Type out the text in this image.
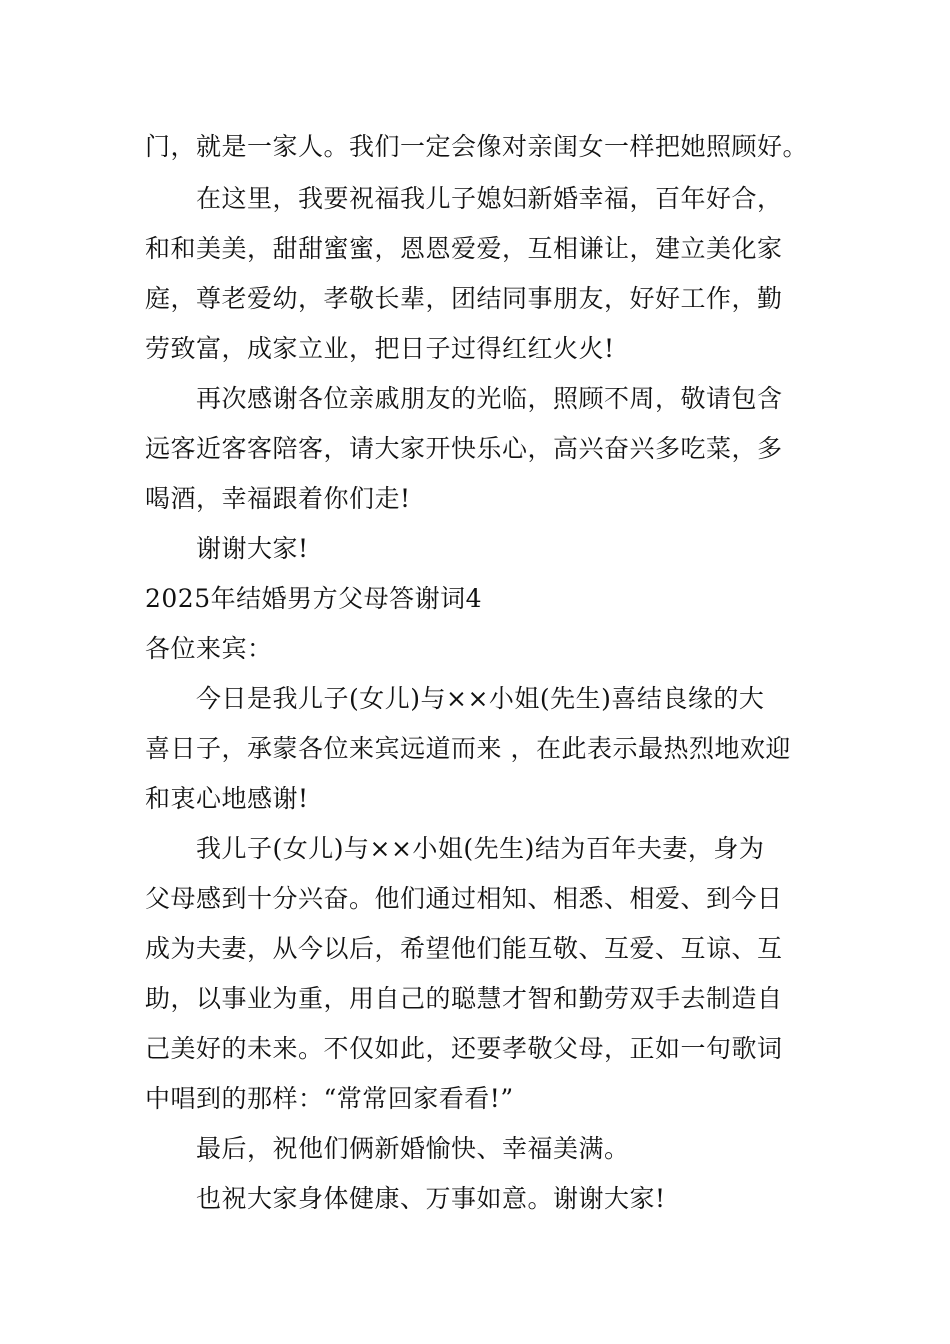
门，就是一家人。我们一定会像对亲闺女一样把她照顾好。
在这里，我要祝福我儿子媳妇新婚幸福，百年好合，
和和美美，甜甜蜜蜜，恩恩爱爱，互相谦让，建立美化家
庭，尊老爱幼，孝敬长辈，团结同事朋友，好好工作，勤
劳致富，成家立业，把日子过得红红火火!
再次感谢各位亲戚朋友的光临，照顾不周，敬请包含
远客近客客陪客，请大家开快乐心，高兴奋兴多吃菜，多
喝酒，幸福跟着你们走!
谢谢大家!
2025年结婚男方父母答谢词4
各位来宾：
今日是我儿子(女儿)与××小姐(先生)喜结良缘的大
喜日子，承蒙各位来宾远道而来 ，在此表示最热烈地欢迎
和衷心地感谢!
我儿子(女儿)与××小姐(先生)结为百年夫妻，身为
父母感到十分兴奋。他们通过相知、相悉、相爱、到今日
成为夫妻，从今以后，希望他们能互敬、互爱、互谅、互
助，以事业为重，用自己的聪慧才智和勤劳双手去制造自
己美好的未来。不仅如此，还要孝敬父母，正如一句歌词
中唱到的那样：“常常回家看看!”
最后，祝他们俩新婚愉快、幸福美满。
也祝大家身体健康、万事如意。谢谢大家!
